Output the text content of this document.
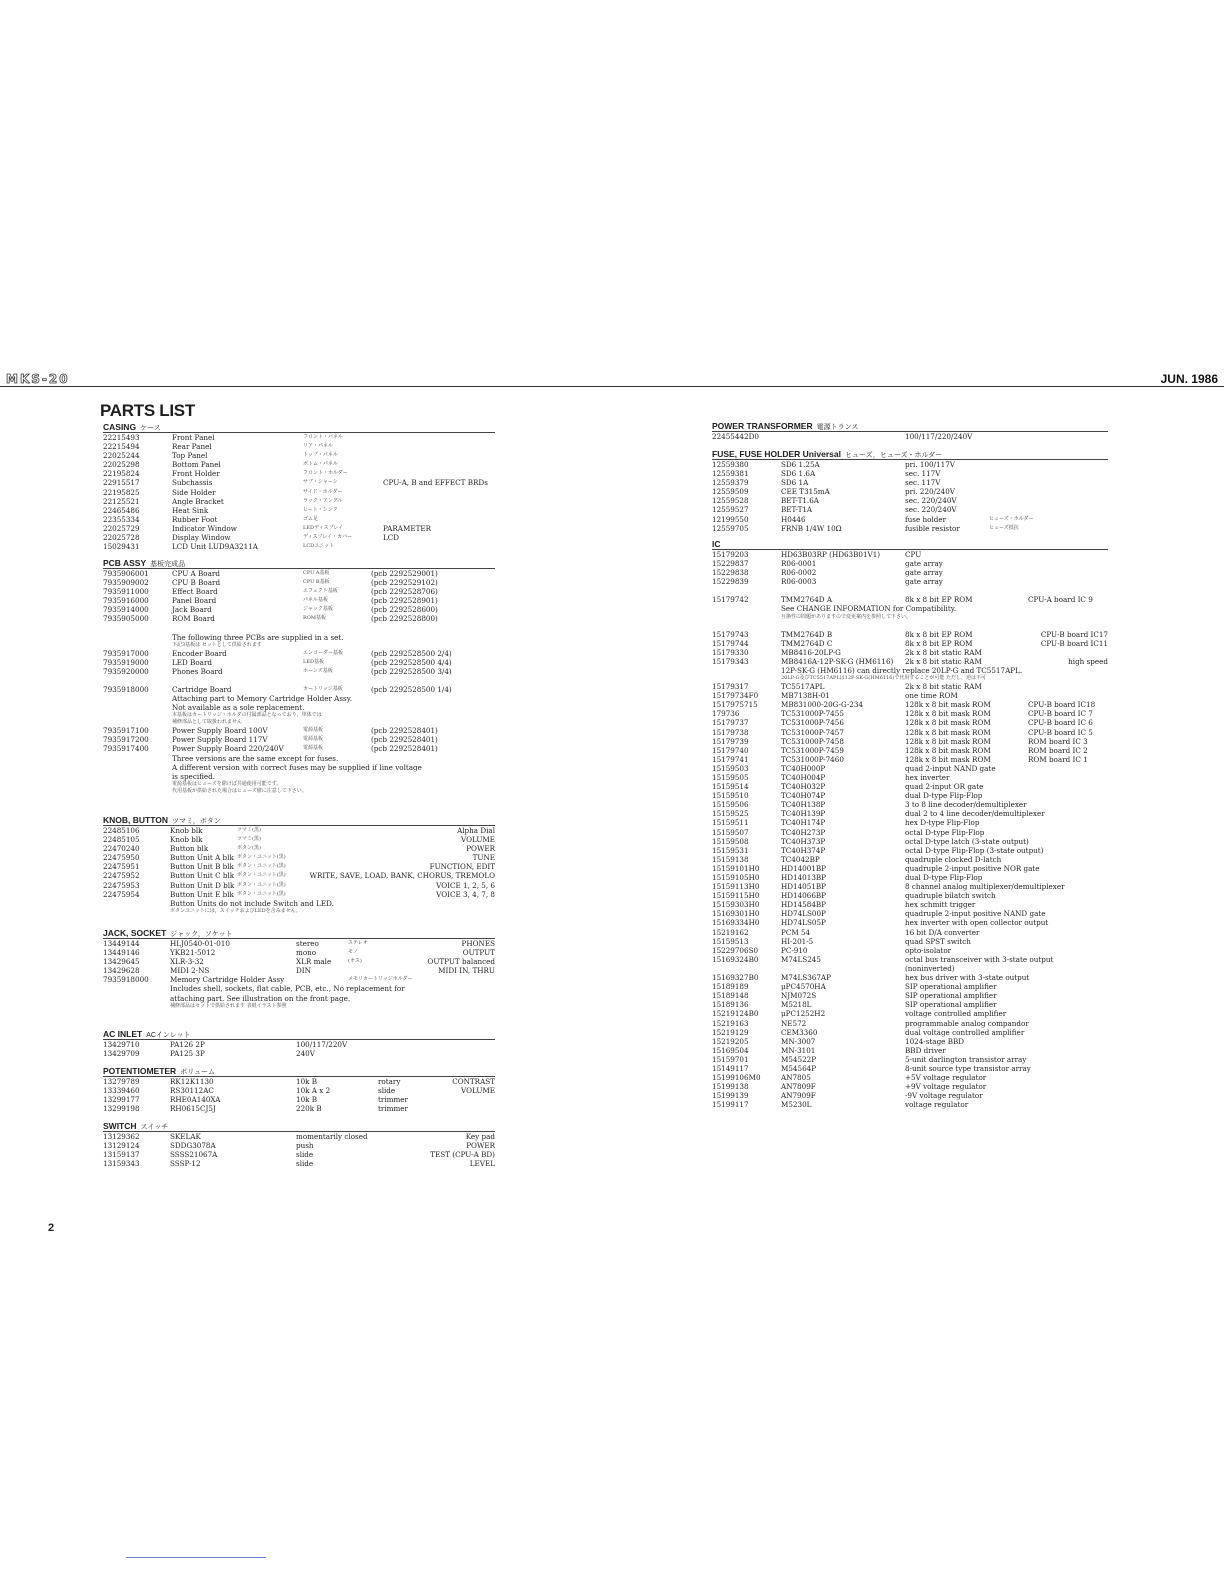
MKS-20	JUN. 1986
PARTS LIST
CASING ケース
22215493	Front Panel	フロント・パネル
22215494	Rear Panel	リア・パネル
22025244	Top Panel	トップ・パネル
22025298	Bottom Panel	ボトム・パネル
22195824	Front Holder	フロント・ホルダー
22915517	Subchassis	サブ・シャーシ	CPU-A, B and EFFECT BRDs
22195825	Side Holder	サイド・ホルダー
22125521	Angle Bracket	ラック・アングル
22465486	Heat Sink	ヒート・シンク
22355334	Rubber Foot	ゴム足
22025729	Indicator Window	LEDディスプレイ	PARAMETER
22025728	Display Window	ディスプレイ・カバー	LCD
15029431	LCD Unit LUD9A3211A	LCDユニット
PCB ASSY 基板完成品
7935906001	CPU A Board	CPU A基板	(pcb 2292529001)
7935909002	CPU B Board	CPU B基板	(pcb 2292529102)
7935911000	Effect Board	エフェクト基板	(pcb 2292528706)
7935916000	Panel Board	パネル基板	(pcb 2292528901)
7935914000	Jack Board	ジャック基板	(pcb 2292528600)
7935905000	ROM Board	ROM基板	(pcb 2292528800)
The following three PCBs are supplied in a set.
下記3基板は セットとして供給されます
7935917000	Encoder Board	エンコーダー基板	(pcb 2292528500 2/4)
7935919000	LED Board	LED基板	(pcb 2292528500 4/4)
7935920000	Phones Board	ホーンズ基板	(pcb 2292528500 3/4)
7935918000	Cartridge Board	カートリッジ基板	(pcb 2292528500 1/4)
Attaching part to Memory Cartridge Holder Assy.
Not available as a sole replacement.
本基板はカートリッジ・ホルダの付属部品となっており，単体では
補修部品として取扱われません
7935917100	Power Supply Board 100V	電源基板	(pcb 2292528401)
7935917200	Power Supply Board 117V	電源基板	(pcb 2292528401)
7935917400	Power Supply Board 220/240V	電源基板	(pcb 2292528401)
Three versions are the same except for fuses.
A different version with correct fuses may be supplied if line voltage
is specified.
電源基板はヒューズを除けば共通使用可能です。
代用基板が供給された場合はヒューズ値に注意して下さい。
KNOB, BUTTON ツマミ，ボタン
22485106	Knob blk	ツマミ(黒)	Alpha Dial
22485105	Knob blk	ツマミ(黒)	VOLUME
22470240	Button blk	ボタン(黒)	POWER
22475950	Button Unit A blk ボタン・ユニット(黒)	TUNE
22475951	Button Unit B blk ボタン・ユニット(黒)	FUNCTION, EDIT
22475952	Button Unit C blk ボタン・ユニット(黒)	WRITE, SAVE, LOAD, BANK, CHORUS, TREMOLO
22475953	Button Unit D blk ボタン・ユニット(黒)	VOICE 1, 2, 5, 6
22475954	Button Unit E blk ボタン・ユニット(黒)	VOICE 3, 4, 7, 8
Button Units do not include Switch and LED.
ボタンユニットには，スイッチおよびLEDを含みません。
JACK, SOCKET ジャック，ソケット
13449144	HLJ0540-01-010	stereo	ステレオ	PHONES
13449146	YKB21-5012	mono	モノ	OUTPUT
13429645	XLR-3-32	XLR male	(オス)	OUTPUT balanced
13429628	MIDI 2-NS	DIN	MIDI IN, THRU
7935918000	Memory Cartridge Holder Assy	メモリカートリッジホルダー
Includes shell, sockets, flat cable, PCB, etc., No replacement for
attaching part. See illustration on the front page.
補修部品はセットで供給されます 表紙イラスト参照
AC INLET ACインレット
13429710	PA126 2P	100/117/220V
13429709	PA125 3P	240V
POTENTIOMETER ボリューム
13279789	RK12K1130	10k B	rotary	CONTRAST
13339460	RS30112AC	10k A x 2	slide	VOLUME
13299177	RHE0A140XA	10k B	trimmer
13299198	RH0615CJ5J	220k B	trimmer
SWITCH スイッチ
13129362	SKELAK	momentarily closed	Key pad
13129124	SDDG3078A	push	POWER
13159137	SSSS21067A	slide	TEST (CPU-A BD)
13159343	SSSP-12	slide	LEVEL
POWER TRANSFORMER 電源トランス
22455442D0	100/117/220/240V
FUSE, FUSE HOLDER Universal ヒューズ，ヒューズ・ホルダー
12559380	SD6 1.25A	pri. 100/117V
12559381	SD6 1.6A	sec. 117V
12559379	SD6 1A	sec. 117V
12559509	CEE T315mA	pri. 220/240V
12559528	BET-T1.6A	sec. 220/240V
12559527	BET-T1A	sec. 220/240V
12199550	H0446	fuse holder	ヒューズ・ホルダー
12559705	FRNB 1/4W 10Ω	fusible resistor	ヒューズ抵抗
IC
15179203	HD63B03RP (HD63B01V1)	CPU
15229837	R06-0001	gate array
15229838	R06-0002	gate array
15229839	R06-0003	gate array
15179742	TMM2764D A	8k x 8 bit EP ROM	CPU-A board IC 9
See CHANGE INFORMATION for Compatibility.
互換性の問題がありますので変更案内を参照して下さい。
15179743	TMM2764D B	8k x 8 bit EP ROM	CPU-B board IC17
15179744	TMM2764D C	8k x 8 bit EP ROM	CPU-B board IC11
15179330	MB8416-20LP-G	2k x 8 bit static RAM
15179343	MB8416A-12P-SK-G (HM6116) 2k x 8 bit static RAM	high speed
12P-SK-G (HM6116) can directly replace 20LP-G and TC5517APL.
20LP-G及びTC5517APLは12P-SK-G(HM6116)で代用することが可能 ただし，逆は不可
15179317	TC5517APL	2k x 8 bit static RAM
15179734F0	MB7138H-01	one time ROM
1517975715	MB831000-20G-G-234	128k x 8 bit mask ROM	CPU-B board IC18
179736	TC531000P-7455	128k x 8 bit mask ROM	CPU-B board IC 7
15179737	TC531000P-7456	128k x 8 bit mask ROM	CPU-B board IC 6
15179738	TC531000P-7457	128k x 8 bit mask ROM	CPU-B board IC 5
15179739	TC531000P-7458	128k x 8 bit mask ROM	ROM board IC 3
15179740	TC531000P-7459	128k x 8 bit mask ROM	ROM board IC 2
15179741	TC531000P-7460	128k x 8 bit mask ROM	ROM board IC 1
15159503	TC40H000P	quad 2-input NAND gate
15159505	TC40H004P	hex inverter
15159514	TC40H032P	quad 2-input OR gate
15159510	TC40H074P	dual D-type Flip-Flop
15159506	TC40H138P	3 to 8 line decoder/demultiplexer
15159525	TC40H139P	dual 2 to 4 line decoder/demultiplexer
15159511	TC40H174P	hex D-type Flip-Flop
15159507	TC40H273P	octal D-type Flip-Flop
15159508	TC40H373P	octal D-type latch (3-state output)
15159531	TC40H374P	octal D-type Flip-Flop (3-state output)
15159138	TC4042BP	quadruple clocked D-latch
15159101H0	HD14001BP	quadruple 2-input positive NOR gate
15159105H0	HD14013BP	dual D-type Flip-Flop
15159113H0	HD14051BP	8 channel analog multiplexer/demultiplexer
15159115H0	HD14066BP	quadruple bilatch switch
15159303H0	HD14584BP	hex schmitt trigger
15169301H0	HD74LS00P	quadruple 2-input positive NAND gate
15169334H0	HD74LS05P	hex inverter with open collector output
15219162	PCM 54	16 bit D/A converter
15159513	HI-201-5	quad SPST switch
15229706S0	PC-910	opto-isolator
15169324B0	M74LS245	octal bus transceiver with 3-state output
(noninverted)
15169327B0	M74LS367AP	hex bus driver with 3-state output
15189189	μPC4570HA	SIP operational amplifier
15189148	NJM072S	SIP operational amplifier
15189136	M5218L	SIP operational amplifier
15219124B0	μPC1252H2	voltage controlled amplifier
15219163	NE572	programmable analog compandor
15219129	CEM3360	dual voltage controlled amplifier
15219205	MN-3007	1024-stage BBD
15169504	MN-3101	BBD driver
15159701	M54522P	5-unit darlington transistor array
15149117	M54564P	8-unit source type transistor array
15199106M0	AN7805	+5V voltage regulator
15199138	AN7809F	+9V voltage regulator
15199139	AN7909F	-9V voltage regulator
15199117	M5230L	voltage regulator
2
